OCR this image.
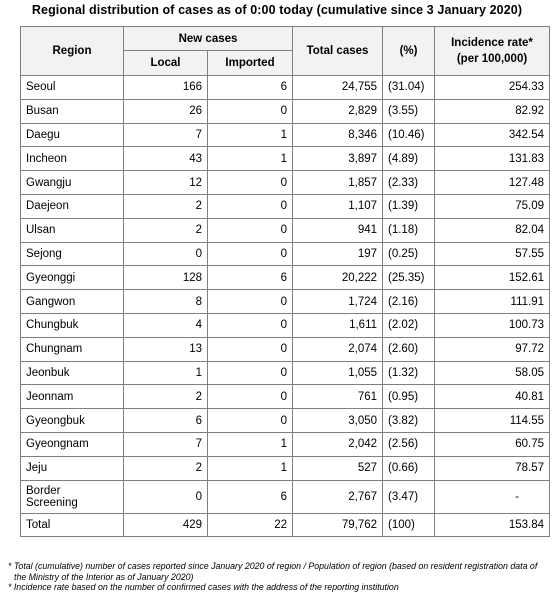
Regional distribution of cases as of 0:00 today (cumulative since 3 January 2020)
Region	New cases		Total cases	(%)	Incidence rate*
(per 100,000)
	Local	Imported			
Seoul	166	6	24,755	(31.04)	254.33
Busan	26	0	2,829	(3.55)	82.92
Daegu	7	1	8,346	(10.46)	342.54
Incheon	43	1	3,897	(4.89)	131.83
Gwangju	12	0	1,857	(2.33)	127.48
Daejeon	2	0	1,107	(1.39)	75.09
Ulsan	2	0	941	(1.18)	82.04
Sejong	0	0	197	(0.25)	57.55
Gyeonggi	128	6	20,222	(25.35)	152.61
Gangwon	8	0	1,724	(2.16)	111.91
Chungbuk	4	0	1,611	(2.02)	100.73
Chungnam	13	0	2,074	(2.60)	97.72
Jeonbuk	1	0	1,055	(1.32)	58.05
Jeonnam	2	0	761	(0.95)	40.81
Gyeongbuk	6	0	3,050	(3.82)	114.55
Gyeongnam	7	1	2,042	(2.56)	60.75
Jeju	2	1	527	(0.66)	78.57

Border
Screening	0	6	2,767	(3.47)	-
Total	429	22	79,762	(100)	153.84

* Total (cumulative) number of cases reported since January 2020 of region / Population of region (based on resident registration data of

the Ministry of the Interior as of January 2020)

* Incidence rate based on the number of confirmed cases with the address of the reporting institution
